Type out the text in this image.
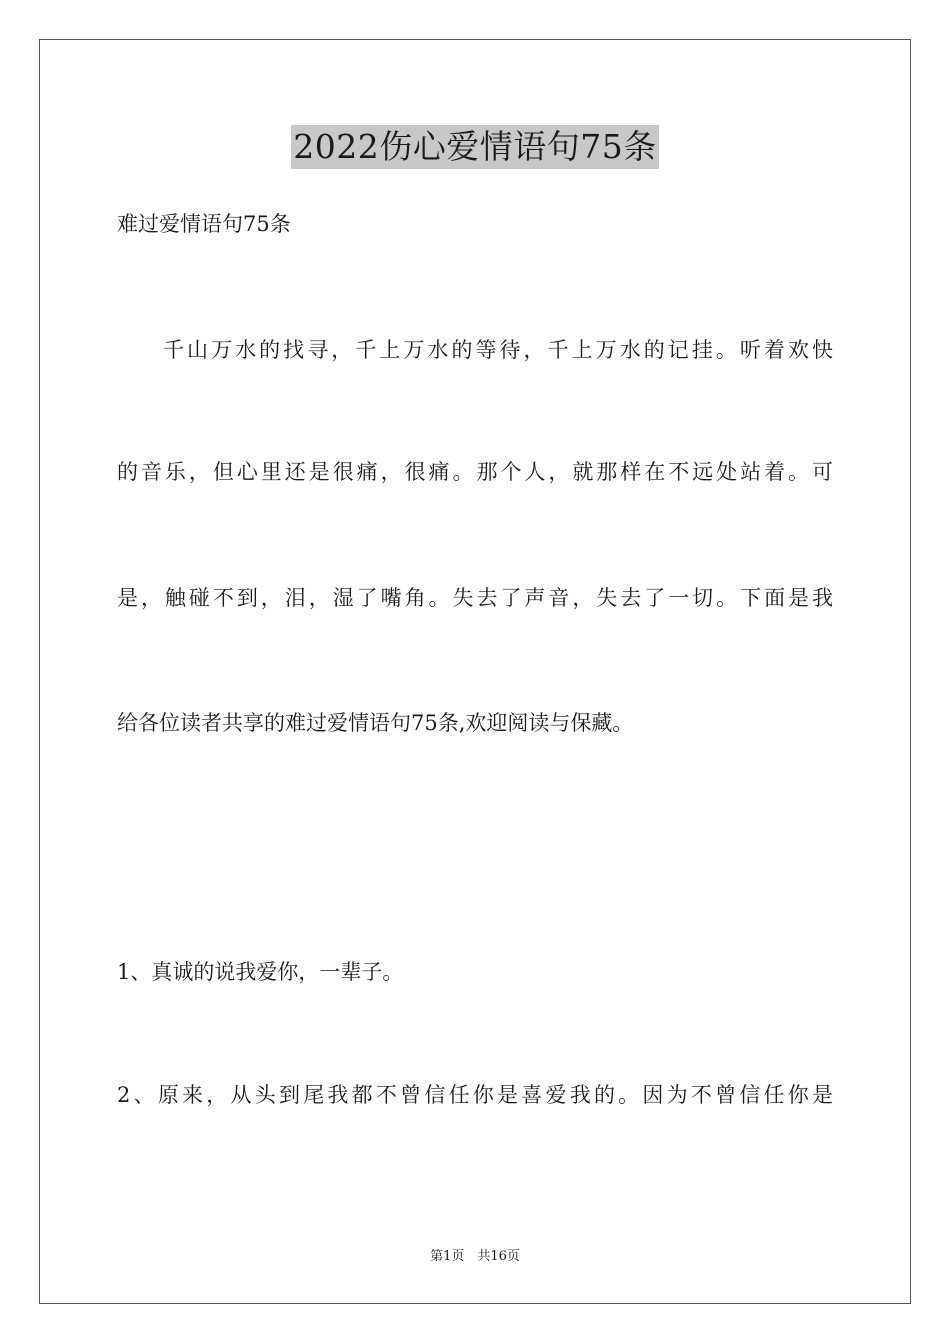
2022伤心爱情语句75条
难过爱情语句75条
千山万水的找寻，千上万水的等待，千上万水的记挂。听着欢快
的音乐，但心里还是很痛，很痛。那个人，就那样在不远处站着。可
是，触碰不到，泪，湿了嘴角。失去了声音，失去了一切。下面是我
给各位读者共享的难过爱情语句75条,欢迎阅读与保藏。
1、真诚的说我爱你，一辈子。
2、原来，从头到尾我都不曾信任你是喜爱我的。因为不曾信任你是
第1页　共16页
